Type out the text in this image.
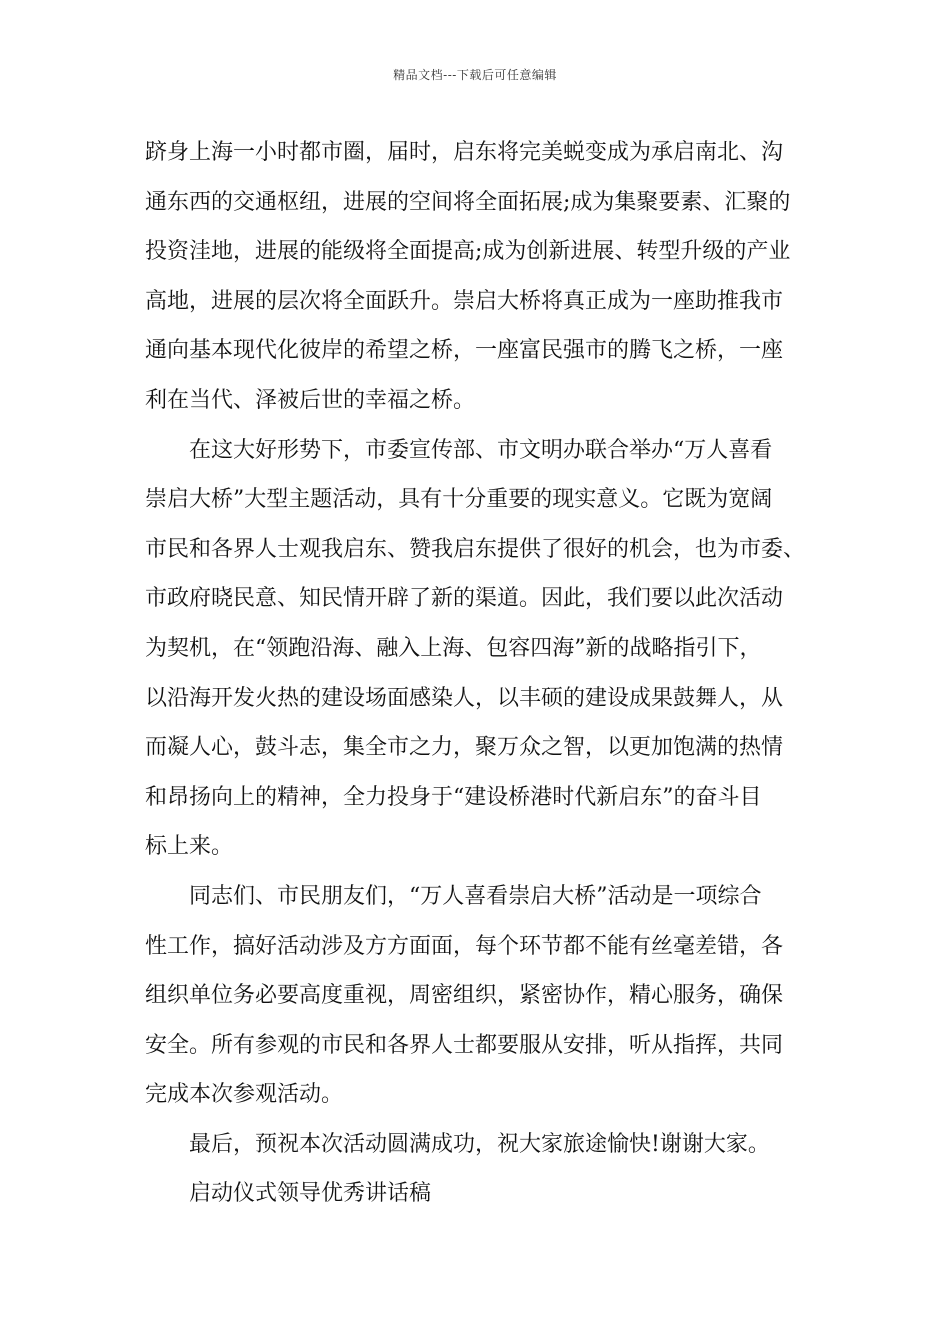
精品文档---下载后可任意编辑
跻身上海一小时都市圈，届时，启东将完美蜕变成为承启南北、沟
通东西的交通枢纽，进展的空间将全面拓展;成为集聚要素、汇聚的
投资洼地，进展的能级将全面提高;成为创新进展、转型升级的产业
高地，进展的层次将全面跃升。崇启大桥将真正成为一座助推我市
通向基本现代化彼岸的希望之桥，一座富民强市的腾飞之桥，一座
利在当代、泽被后世的幸福之桥。
在这大好形势下，市委宣传部、市文明办联合举办“万人喜看
崇启大桥”大型主题活动，具有十分重要的现实意义。它既为宽阔
市民和各界人士观我启东、赞我启东提供了很好的机会，也为市委、
市政府晓民意、知民情开辟了新的渠道。因此，我们要以此次活动
为契机，在“领跑沿海、融入上海、包容四海”新的战略指引下，
以沿海开发火热的建设场面感染人，以丰硕的建设成果鼓舞人，从
而凝人心，鼓斗志，集全市之力，聚万众之智，以更加饱满的热情
和昂扬向上的精神，全力投身于“建设桥港时代新启东”的奋斗目
标上来。
同志们、市民朋友们，“万人喜看崇启大桥”活动是一项综合
性工作，搞好活动涉及方方面面，每个环节都不能有丝毫差错，各
组织单位务必要高度重视，周密组织，紧密协作，精心服务，确保
安全。所有参观的市民和各界人士都要服从安排，听从指挥，共同
完成本次参观活动。
最后，预祝本次活动圆满成功，祝大家旅途愉快!谢谢大家。
启动仪式领导优秀讲话稿
